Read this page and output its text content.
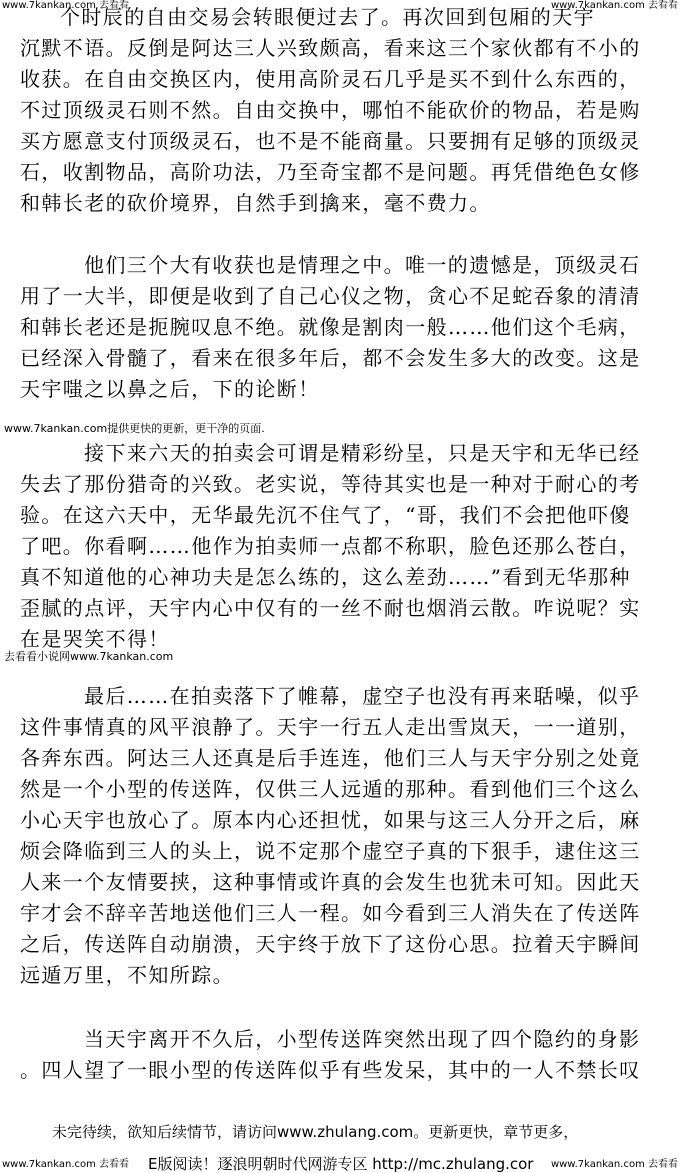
www.7kankan.com 去看看	www.7kankan.com 去看看
个时辰的自由交易会转眼便过去了。再次回到包厢的天宇
沉默不语。反倒是阿达三人兴致颇高，看来这三个家伙都有不小的
收获。在自由交换区内，使用高阶灵石几乎是买不到什么东西的，
不过顶级灵石则不然。自由交换中，哪怕不能砍价的物品，若是购
买方愿意支付顶级灵石，也不是不能商量。只要拥有足够的顶级灵
石，收割物品，高阶功法，乃至奇宝都不是问题。再凭借绝色女修
和韩长老的砍价境界，自然手到擒来，毫不费力。
他们三个大有收获也是情理之中。唯一的遗憾是，顶级灵石
用了一大半，即便是收到了自己心仪之物，贪心不足蛇吞象的清清
和韩长老还是扼腕叹息不绝。就像是割肉一般……他们这个毛病，
已经深入骨髓了，看来在很多年后，都不会发生多大的改变。这是
天宇嗤之以鼻之后，下的论断！
www.7kankan.com提供更快的更新，更干净的页面.
接下来六天的拍卖会可谓是精彩纷呈，只是天宇和无华已经
失去了那份猎奇的兴致。老实说，等待其实也是一种对于耐心的考
验。在这六天中，无华最先沉不住气了，“哥，我们不会把他吓傻
了吧。你看啊……他作为拍卖师一点都不称职，脸色还那么苍白，
真不知道他的心神功夫是怎么练的，这么差劲……”看到无华那种
歪腻的点评，天宇内心中仅有的一丝不耐也烟消云散。咋说呢？实
在是哭笑不得！
去看看小说网www.7kankan.com
最后……在拍卖落下了帷幕，虚空子也没有再来聒噪，似乎
这件事情真的风平浪静了。天宇一行五人走出雪岚天，一一道别，
各奔东西。阿达三人还真是后手连连，他们三人与天宇分别之处竟
然是一个小型的传送阵，仅供三人远遁的那种。看到他们三个这么
小心天宇也放心了。原本内心还担忧，如果与这三人分开之后，麻
烦会降临到三人的头上，说不定那个虚空子真的下狠手，逮住这三
人来一个友情要挟，这种事情或许真的会发生也犹未可知。因此天
宇才会不辞辛苦地送他们三人一程。如今看到三人消失在了传送阵
之后，传送阵自动崩溃，天宇终于放下了这份心思。拉着天宇瞬间
远遁万里，不知所踪。
当天宇离开不久后，小型传送阵突然出现了四个隐约的身影
。四人望了一眼小型的传送阵似乎有些发呆，其中的一人不禁长叹
未完待续，欲知后续情节，请访问www.zhulang.com。更新更快，章节更多，
E版阅读！逐浪明朝时代网游专区 http://mc.zhulang.cor
www.7kankan.com 去看看	www.7kankan.com 去看看
